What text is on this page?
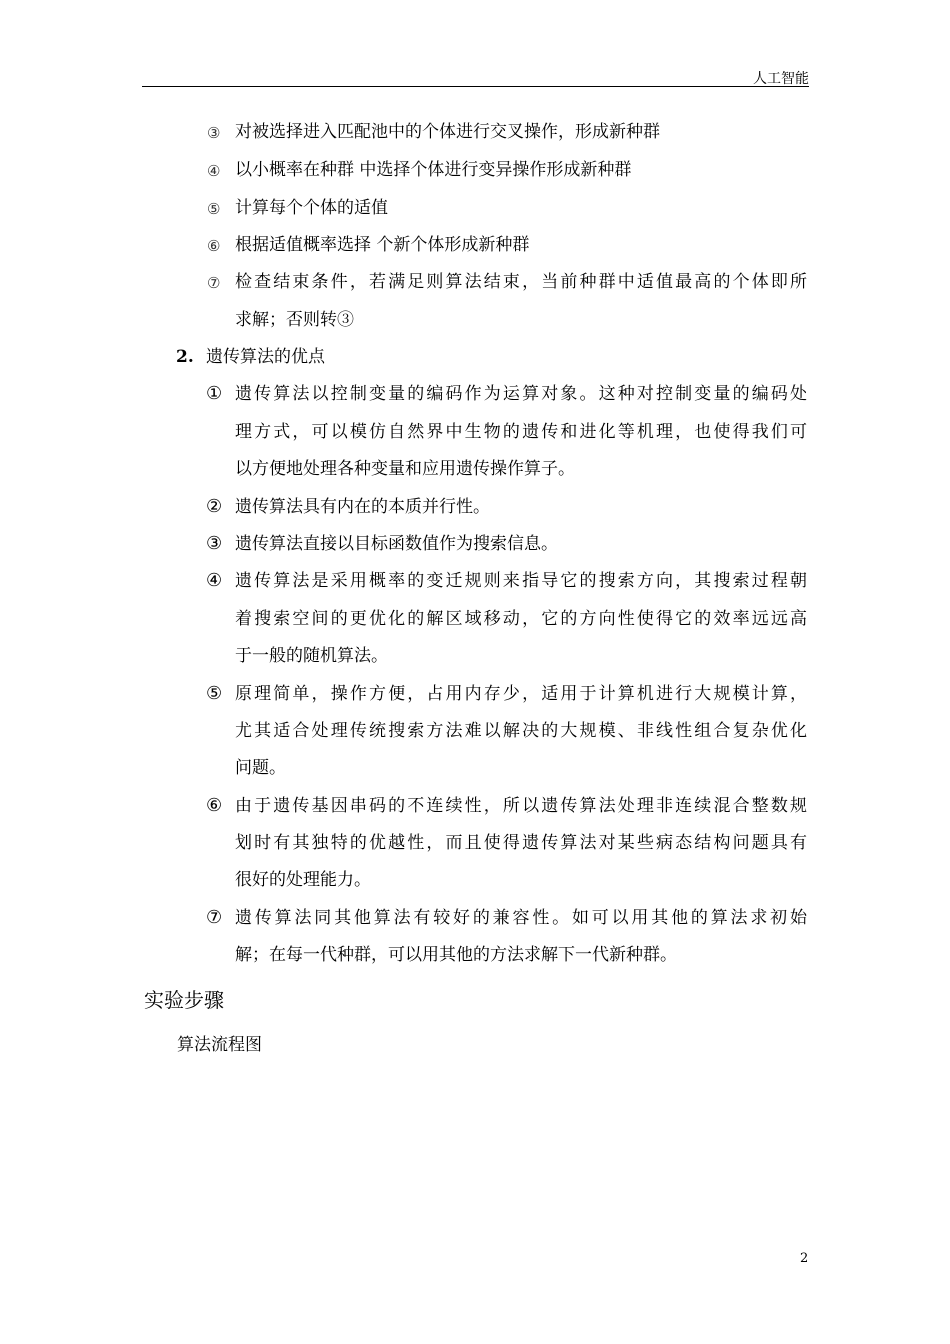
人工智能
③ 对被选择进入匹配池中的个体进行交叉操作，形成新种群
④ 以小概率在种群 中选择个体进行变异操作形成新种群
⑤ 计算每个个体的适值
⑥ 根据适值概率选择 个新个体形成新种群
⑦ 检查结束条件，若满足则算法结束，当前种群中适值最高的个体即所
求解；否则转③
2. 遗传算法的优点
① 遗传算法以控制变量的编码作为运算对象。这种对控制变量的编码处
理方式，可以模仿自然界中生物的遗传和进化等机理，也使得我们可
以方便地处理各种变量和应用遗传操作算子。
② 遗传算法具有内在的本质并行性。
③ 遗传算法直接以目标函数值作为搜索信息。
④ 遗传算法是采用概率的变迁规则来指导它的搜索方向，其搜索过程朝
着搜索空间的更优化的解区域移动，它的方向性使得它的效率远远高
于一般的随机算法。
⑤ 原理简单，操作方便，占用内存少，适用于计算机进行大规模计算，
尤其适合处理传统搜索方法难以解决的大规模、非线性组合复杂优化
问题。
⑥ 由于遗传基因串码的不连续性，所以遗传算法处理非连续混合整数规
划时有其独特的优越性，而且使得遗传算法对某些病态结构问题具有
很好的处理能力。
⑦ 遗传算法同其他算法有较好的兼容性。如可以用其他的算法求初始
解；在每一代种群，可以用其他的方法求解下一代新种群。
实验步骤
算法流程图
2
